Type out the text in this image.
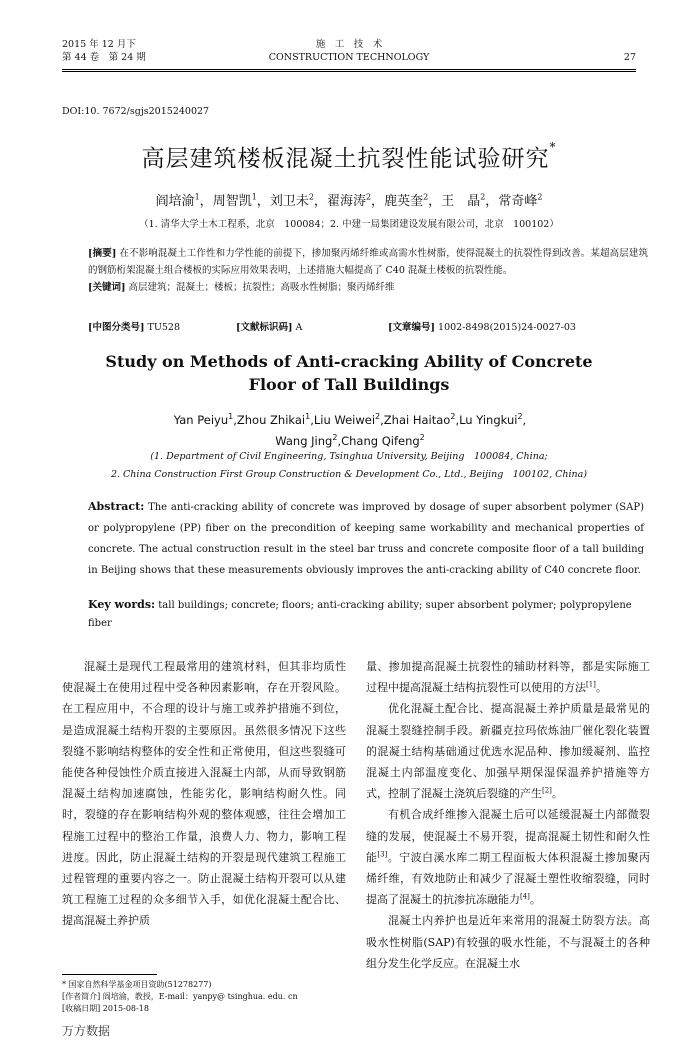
2015 年 12 月下
第 44 卷　第 24 期
施　工　技　术
CONSTRUCTION TECHNOLOGY	27
DOI:10. 7672/sgjs2015240027
高层建筑楼板混凝土抗裂性能试验研究*
阎培渝$^1$，周智凯$^1$，刘卫未$^2$，翟海涛$^2$，鹿英奎$^2$，王　晶$^2$，常奇峰$^2$
（1. 清华大学土木工程系，北京　100084；2. 中建一局集团建设发展有限公司，北京　100102）
[摘要] 在不影响混凝土工作性和力学性能的前提下，掺加聚丙烯纤维或高需水性树脂，使得混凝土的抗裂性得到改善。某超高层建筑的钢筋桁架混凝土组合楼板的实际应用效果表明，上述措施大幅提高了 C40 混凝土楼板的抗裂性能。
[关键词] 高层建筑；混凝土；楼板；抗裂性；高吸水性树脂；聚丙烯纤维
[中图分类号] TU528	[文献标识码] A	[文章编号] 1002-8498(2015)24-0027-03
Study on Methods of Anti-cracking Ability of Concrete
Floor of Tall Buildings
Yan Peiyu$^1$,Zhou Zhikai$^1$,Liu Weiwei$^2$,Zhai Haitao$^2$,Lu Yingkui$^2$,
Wang Jing$^2$,Chang Qifeng$^2$
(1. Department of Civil Engineering, Tsinghua University, Beijing　100084, China;
2. China Construction First Group Construction & Development Co., Ltd., Beijing　100102, China)
Abstract: The anti-cracking ability of concrete was improved by dosage of super absorbent polymer (SAP) or polypropylene (PP) fiber on the precondition of keeping same workability and mechanical properties of concrete. The actual construction result in the steel bar truss and concrete composite floor of a tall building in Beijing shows that these measurements obviously improves the anti-cracking ability of C40 concrete floor.
Key words: tall buildings; concrete; floors; anti-cracking ability; super absorbent polymer; polypropylene fiber

混凝土是现代工程最常用的建筑材料，但其非均质性使混凝土在使用过程中受各种因素影响，存在开裂风险。在工程应用中，不合理的设计与施工或养护措施不到位，是造成混凝土结构开裂的主要原因。虽然很多情况下这些裂缝不影响结构整体的安全性和正常使用，但这些裂缝可能使各种侵蚀性介质直接进入混凝土内部，从而导致钢筋混凝土结构加速腐蚀，性能劣化，影响结构耐久性。同时，裂缝的存在影响结构外观的整体观感，往往会增加工程施工过程中的整治工作量，浪费人力、物力，影响工程进度。因此，防止混凝土结构的开裂是现代建筑工程施工过程管理的重要内容之一。防止混凝土结构开裂可以从建筑工程施工过程的众多细节入手，如优化混凝土配合比、提高混凝土养护质

量、掺加提高混凝土抗裂性的辅助材料等，都是实际施工过程中提高混凝土结构抗裂性可以使用的方法[1]。

优化混凝土配合比、提高混凝土养护质量是最常见的混凝土裂缝控制手段。新疆克拉玛依炼油厂催化裂化装置的混凝土结构基础通过优选水泥品种、掺加缓凝剂、监控混凝土内部温度变化、加强早期保湿保温养护措施等方式，控制了混凝土浇筑后裂缝的产生[2]。

有机合成纤维掺入混凝土后可以延缓混凝土内部微裂缝的发展，使混凝土不易开裂，提高混凝土韧性和耐久性能[3]。宁波白溪水库二期工程面板大体积混凝土掺加聚丙烯纤维，有效地防止和减少了混凝土塑性收缩裂缝，同时提高了混凝土的抗渗抗冻融能力[4]。

混凝土内养护也是近年来常用的混凝土防裂方法。高吸水性树脂(SAP)有较强的吸水性能，不与混凝土的各种组分发生化学反应。在混凝土水

* 国家自然科学基金项目资助(51278277)
[作者简介] 阎培渝，教授，E-mail：yanpy@ tsinghua. edu. cn
[收稿日期] 2015-08-18
万方数据
